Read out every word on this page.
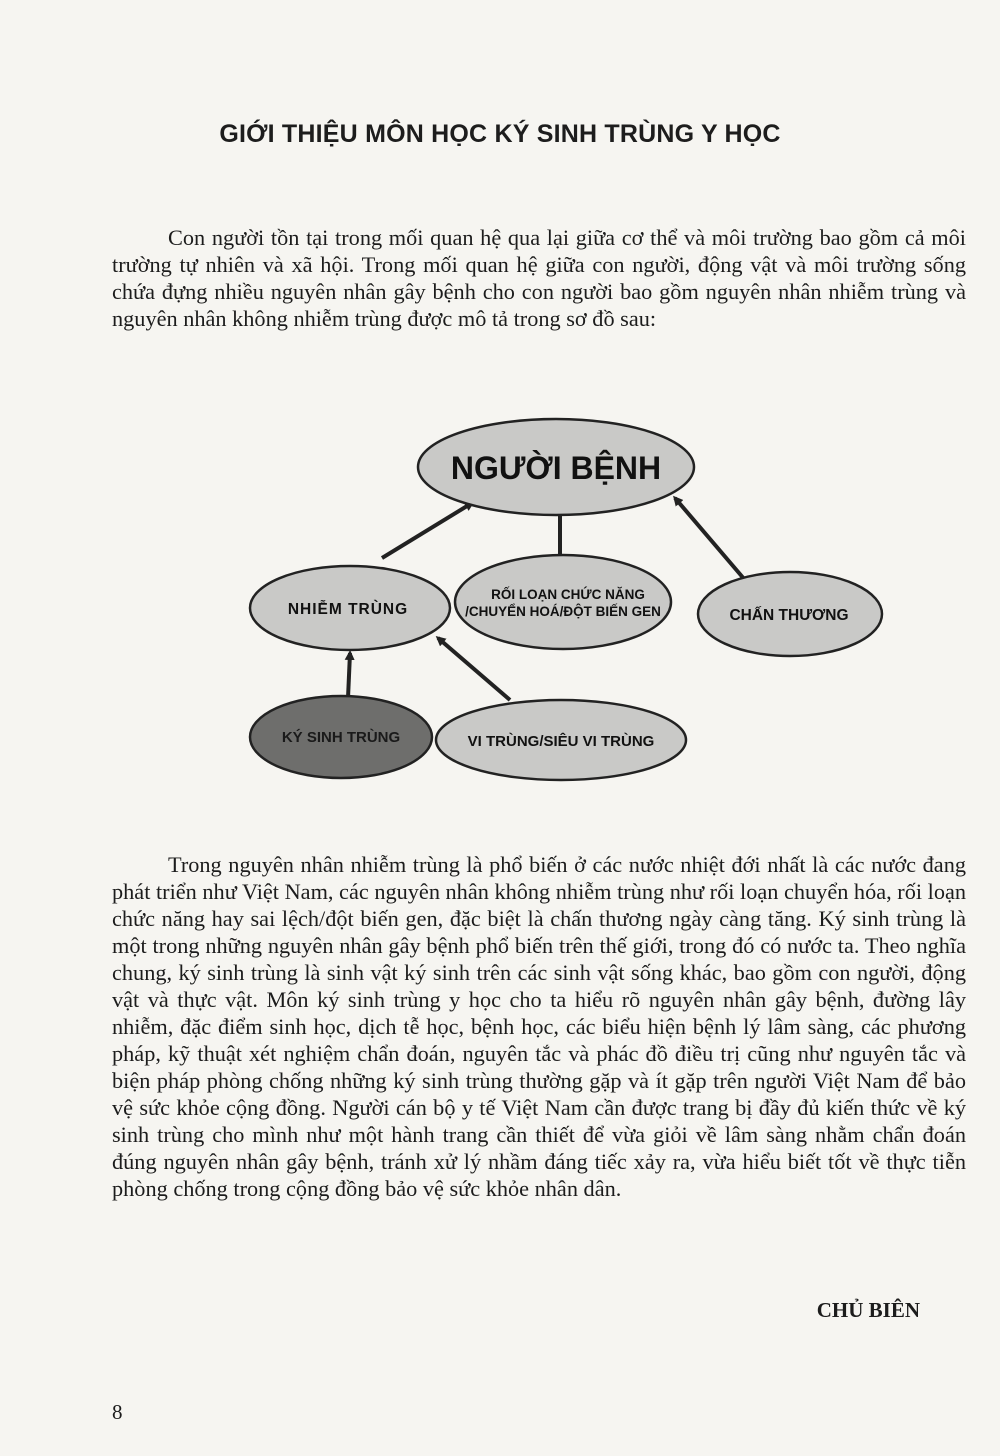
GIỚI THIỆU MÔN HỌC KÝ SINH TRÙNG Y HỌC
Con người tồn tại trong mối quan hệ qua lại giữa cơ thể và môi trường bao gồm cả môi trường tự nhiên và xã hội. Trong mối quan hệ giữa con người, động vật và môi trường sống chứa đựng nhiều nguyên nhân gây bệnh cho con người bao gồm nguyên nhân nhiễm trùng và nguyên nhân không nhiễm trùng được mô tả trong sơ đồ sau:
NGƯỜI BỆNH
NHIỄM TRÙNG
RỐI LOẠN CHỨC NĂNG
/CHUYỂN HOÁ/ĐỘT BIẾN GEN	CHẤN THƯƠNG
KÝ SINH TRÙNG	VI TRÙNG/SIÊU VI TRÙNG
Trong nguyên nhân nhiễm trùng là phổ biến ở các nước nhiệt đới nhất là các nước đang phát triển như Việt Nam, các nguyên nhân không nhiễm trùng như rối loạn chuyển hóa, rối loạn chức năng hay sai lệch/đột biến gen, đặc biệt là chấn thương ngày càng tăng. Ký sinh trùng là một trong những nguyên nhân gây bệnh phổ biến trên thế giới, trong đó có nước ta. Theo nghĩa chung, ký sinh trùng là sinh vật ký sinh trên các sinh vật sống khác, bao gồm con người, động vật và thực vật. Môn ký sinh trùng y học cho ta hiểu rõ nguyên nhân gây bệnh, đường lây nhiễm, đặc điểm sinh học, dịch tễ học, bệnh học, các biểu hiện bệnh lý lâm sàng, các phương pháp, kỹ thuật xét nghiệm chẩn đoán, nguyên tắc và phác đồ điều trị cũng như nguyên tắc và biện pháp phòng chống những ký sinh trùng thường gặp và ít gặp trên người Việt Nam để bảo vệ sức khỏe cộng đồng. Người cán bộ y tế Việt Nam cần được trang bị đầy đủ kiến thức về ký sinh trùng cho mình như một hành trang cần thiết để vừa giỏi về lâm sàng nhằm chẩn đoán đúng nguyên nhân gây bệnh, tránh xử lý nhầm đáng tiếc xảy ra, vừa hiểu biết tốt về thực tiễn phòng chống trong cộng đồng bảo vệ sức khỏe nhân dân.
CHỦ BIÊN
8
